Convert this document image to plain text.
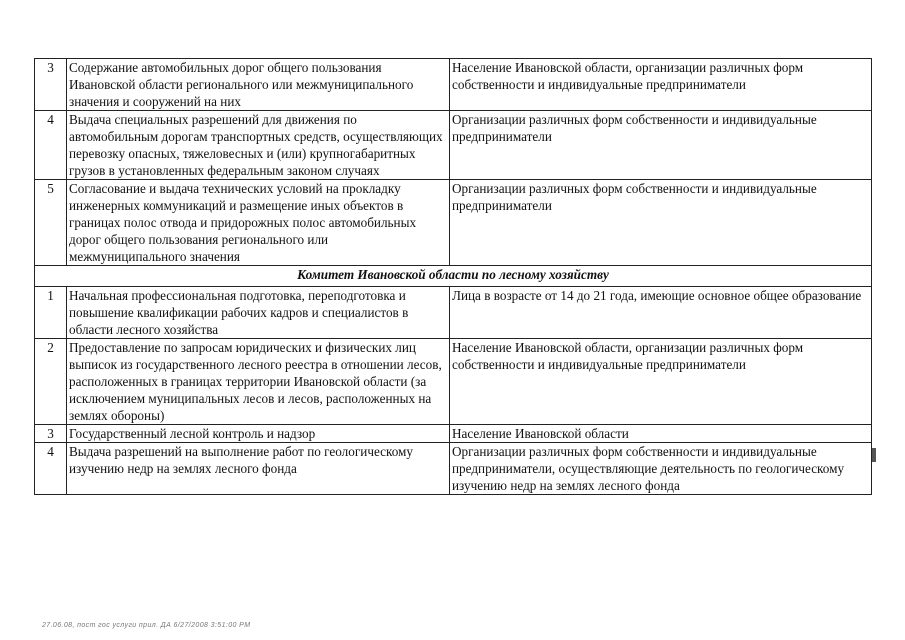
3	Содержание автомобильных дорог общего пользования Ивановской области регионального или межмуниципального значения и сооружений на них	Население Ивановской области, организации различных форм собственности и индивидуальные предприниматели
4	Выдача специальных разрешений для движения по автомобильным дорогам транспортных средств, осуществляющих перевозку опасных, тяжеловесных и (или) крупногабаритных грузов в установленных федеральным законом случаях	Организации различных форм собственности и индивидуальные предприниматели
5	Согласование и выдача технических условий на прокладку инженерных коммуникаций и размещение иных объектов в границах полос отвода и придорожных полос автомобильных дорог общего пользования регионального или межмуниципального значения	Организации различных форм собственности и индивидуальные предприниматели
Комитет Ивановской области по лесному хозяйству		
1	Начальная профессиональная подготовка, переподготовка и повышение квалификации рабочих кадров и специалистов в области лесного хозяйства	Лица в возрасте от 14 до 21 года, имеющие основное общее образование
2	Предоставление по запросам юридических и физических лиц выписок из государственного лесного реестра в отношении лесов, расположенных в границах территории Ивановской области (за исключением муниципальных лесов и лесов, расположенных на землях обороны)	Население Ивановской области, организации различных форм собственности и индивидуальные предприниматели
3	Государственный лесной контроль и надзор	Население Ивановской области
4	Выдача разрешений на выполнение работ по геологическому изучению недр на землях лесного фонда	Организации различных форм собственности и индивидуальные предприниматели, осуществляющие деятельность по геологическому изучению недр на землях лесного фонда
27.06.08, пост гос услуги прил. ДА 6/27/2008 3:51:00 PM
